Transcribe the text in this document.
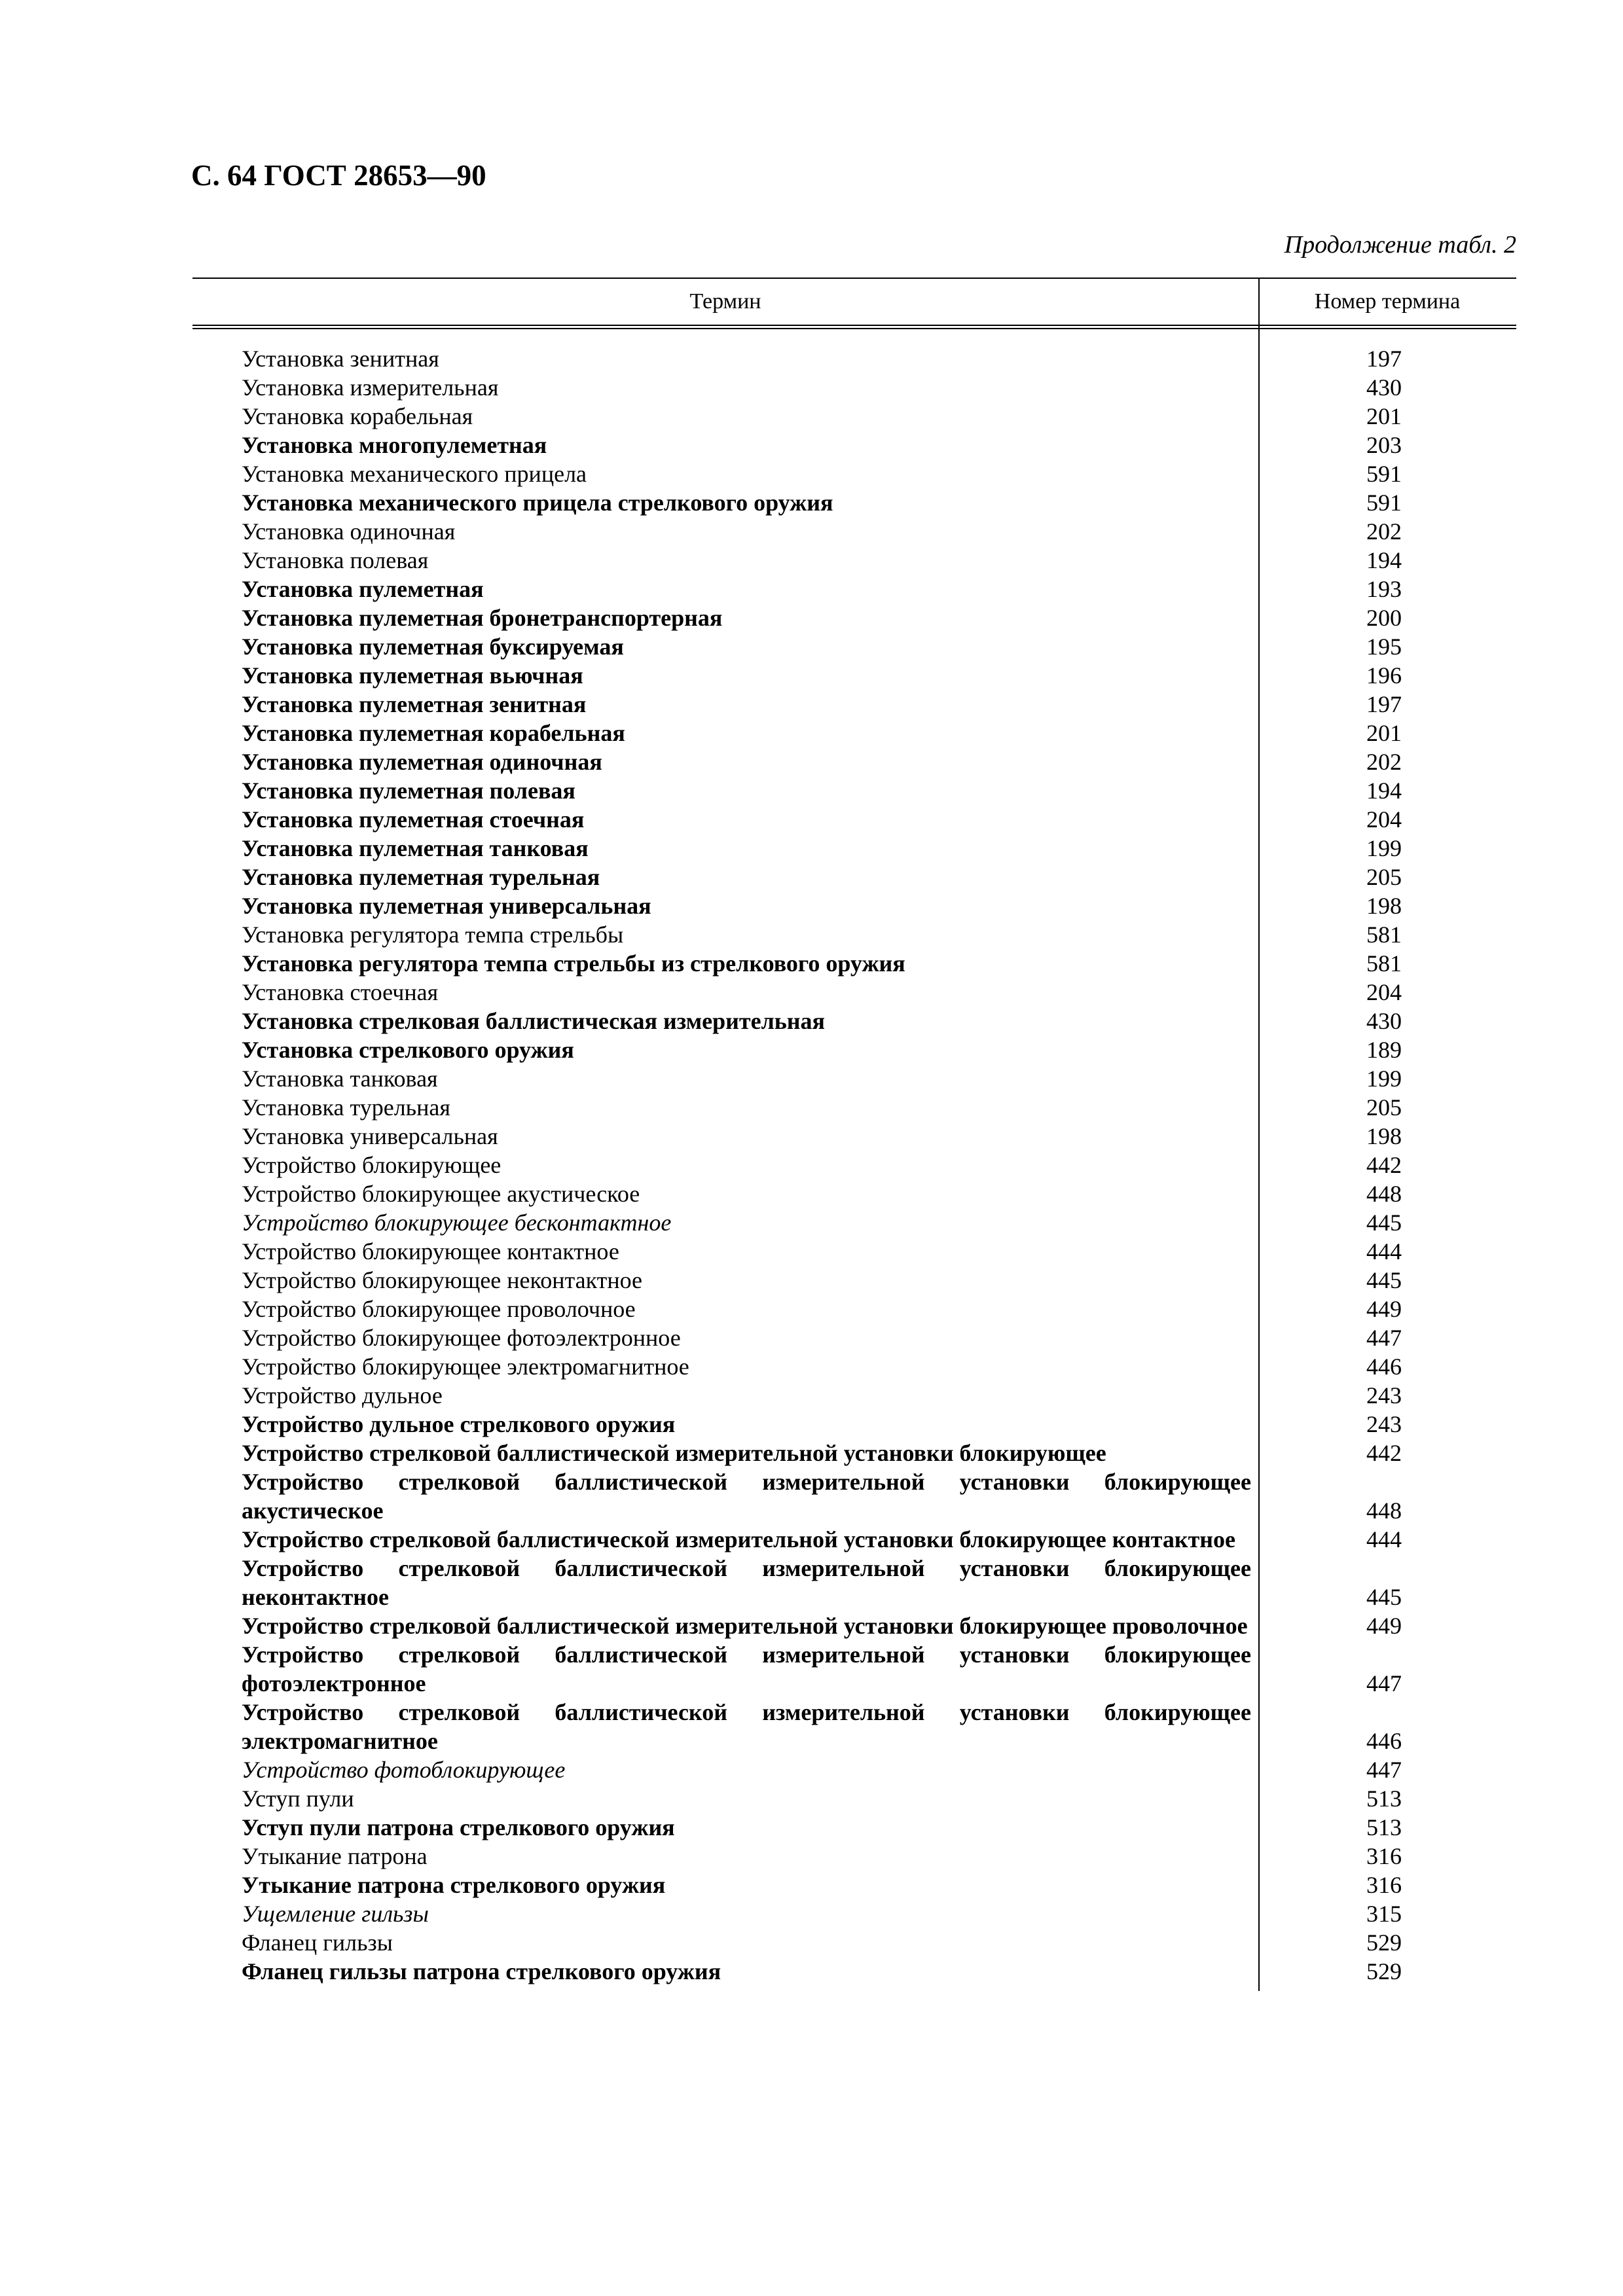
С. 64 ГОСТ 28653—90
Продолжение табл. 2
Термин	Номер термина
Установка зенитная	197
Установка измерительная	430
Установка корабельная	201
Установка многопулеметная	203
Установка механического прицела	591
Установка механического прицела стрелкового оружия	591
Установка одиночная	202
Установка полевая	194
Установка пулеметная	193
Установка пулеметная бронетранспортерная	200
Установка пулеметная буксируемая	195
Установка пулеметная вьючная	196
Установка пулеметная зенитная	197
Установка пулеметная корабельная	201
Установка пулеметная одиночная	202
Установка пулеметная полевая	194
Установка пулеметная стоечная	204
Установка пулеметная танковая	199
Установка пулеметная турельная	205
Установка пулеметная универсальная	198
Установка регулятора темпа стрельбы	581
Установка регулятора темпа стрельбы из стрелкового оружия	581
Установка стоечная	204
Установка стрелковая баллистическая измерительная	430
Установка стрелкового оружия	189
Установка танковая	199
Установка турельная	205
Установка универсальная	198
Устройство блокирующее	442
Устройство блокирующее акустическое	448
Устройство блокирующее бесконтактное	445
Устройство блокирующее контактное	444
Устройство блокирующее неконтактное	445
Устройство блокирующее проволочное	449
Устройство блокирующее фотоэлектронное	447
Устройство блокирующее электромагнитное	446
Устройство дульное	243
Устройство дульное стрелкового оружия	243
Устройство стрелковой баллистической измерительной установки блокирующее	442
Устройство стрелковой баллистической измерительной установки блокирующее акустическое	448
Устройство стрелковой баллистической измерительной установки блокирующее контактное	444
Устройство стрелковой баллистической измерительной установки блокирующее неконтактное	445
Устройство стрелковой баллистической измерительной установки блокирующее проволочное	449
Устройство стрелковой баллистической измерительной установки блокирующее фотоэлектронное	447
Устройство стрелковой баллистической измерительной установки блокирующее электромагнитное	446
Устройство фотоблокирующее	447
Уступ пули	513
Уступ пули патрона стрелкового оружия	513
Утыкание патрона	316
Утыкание патрона стрелкового оружия	316
Ущемление гильзы	315
Фланец гильзы	529
Фланец гильзы патрона стрелкового оружия	529
